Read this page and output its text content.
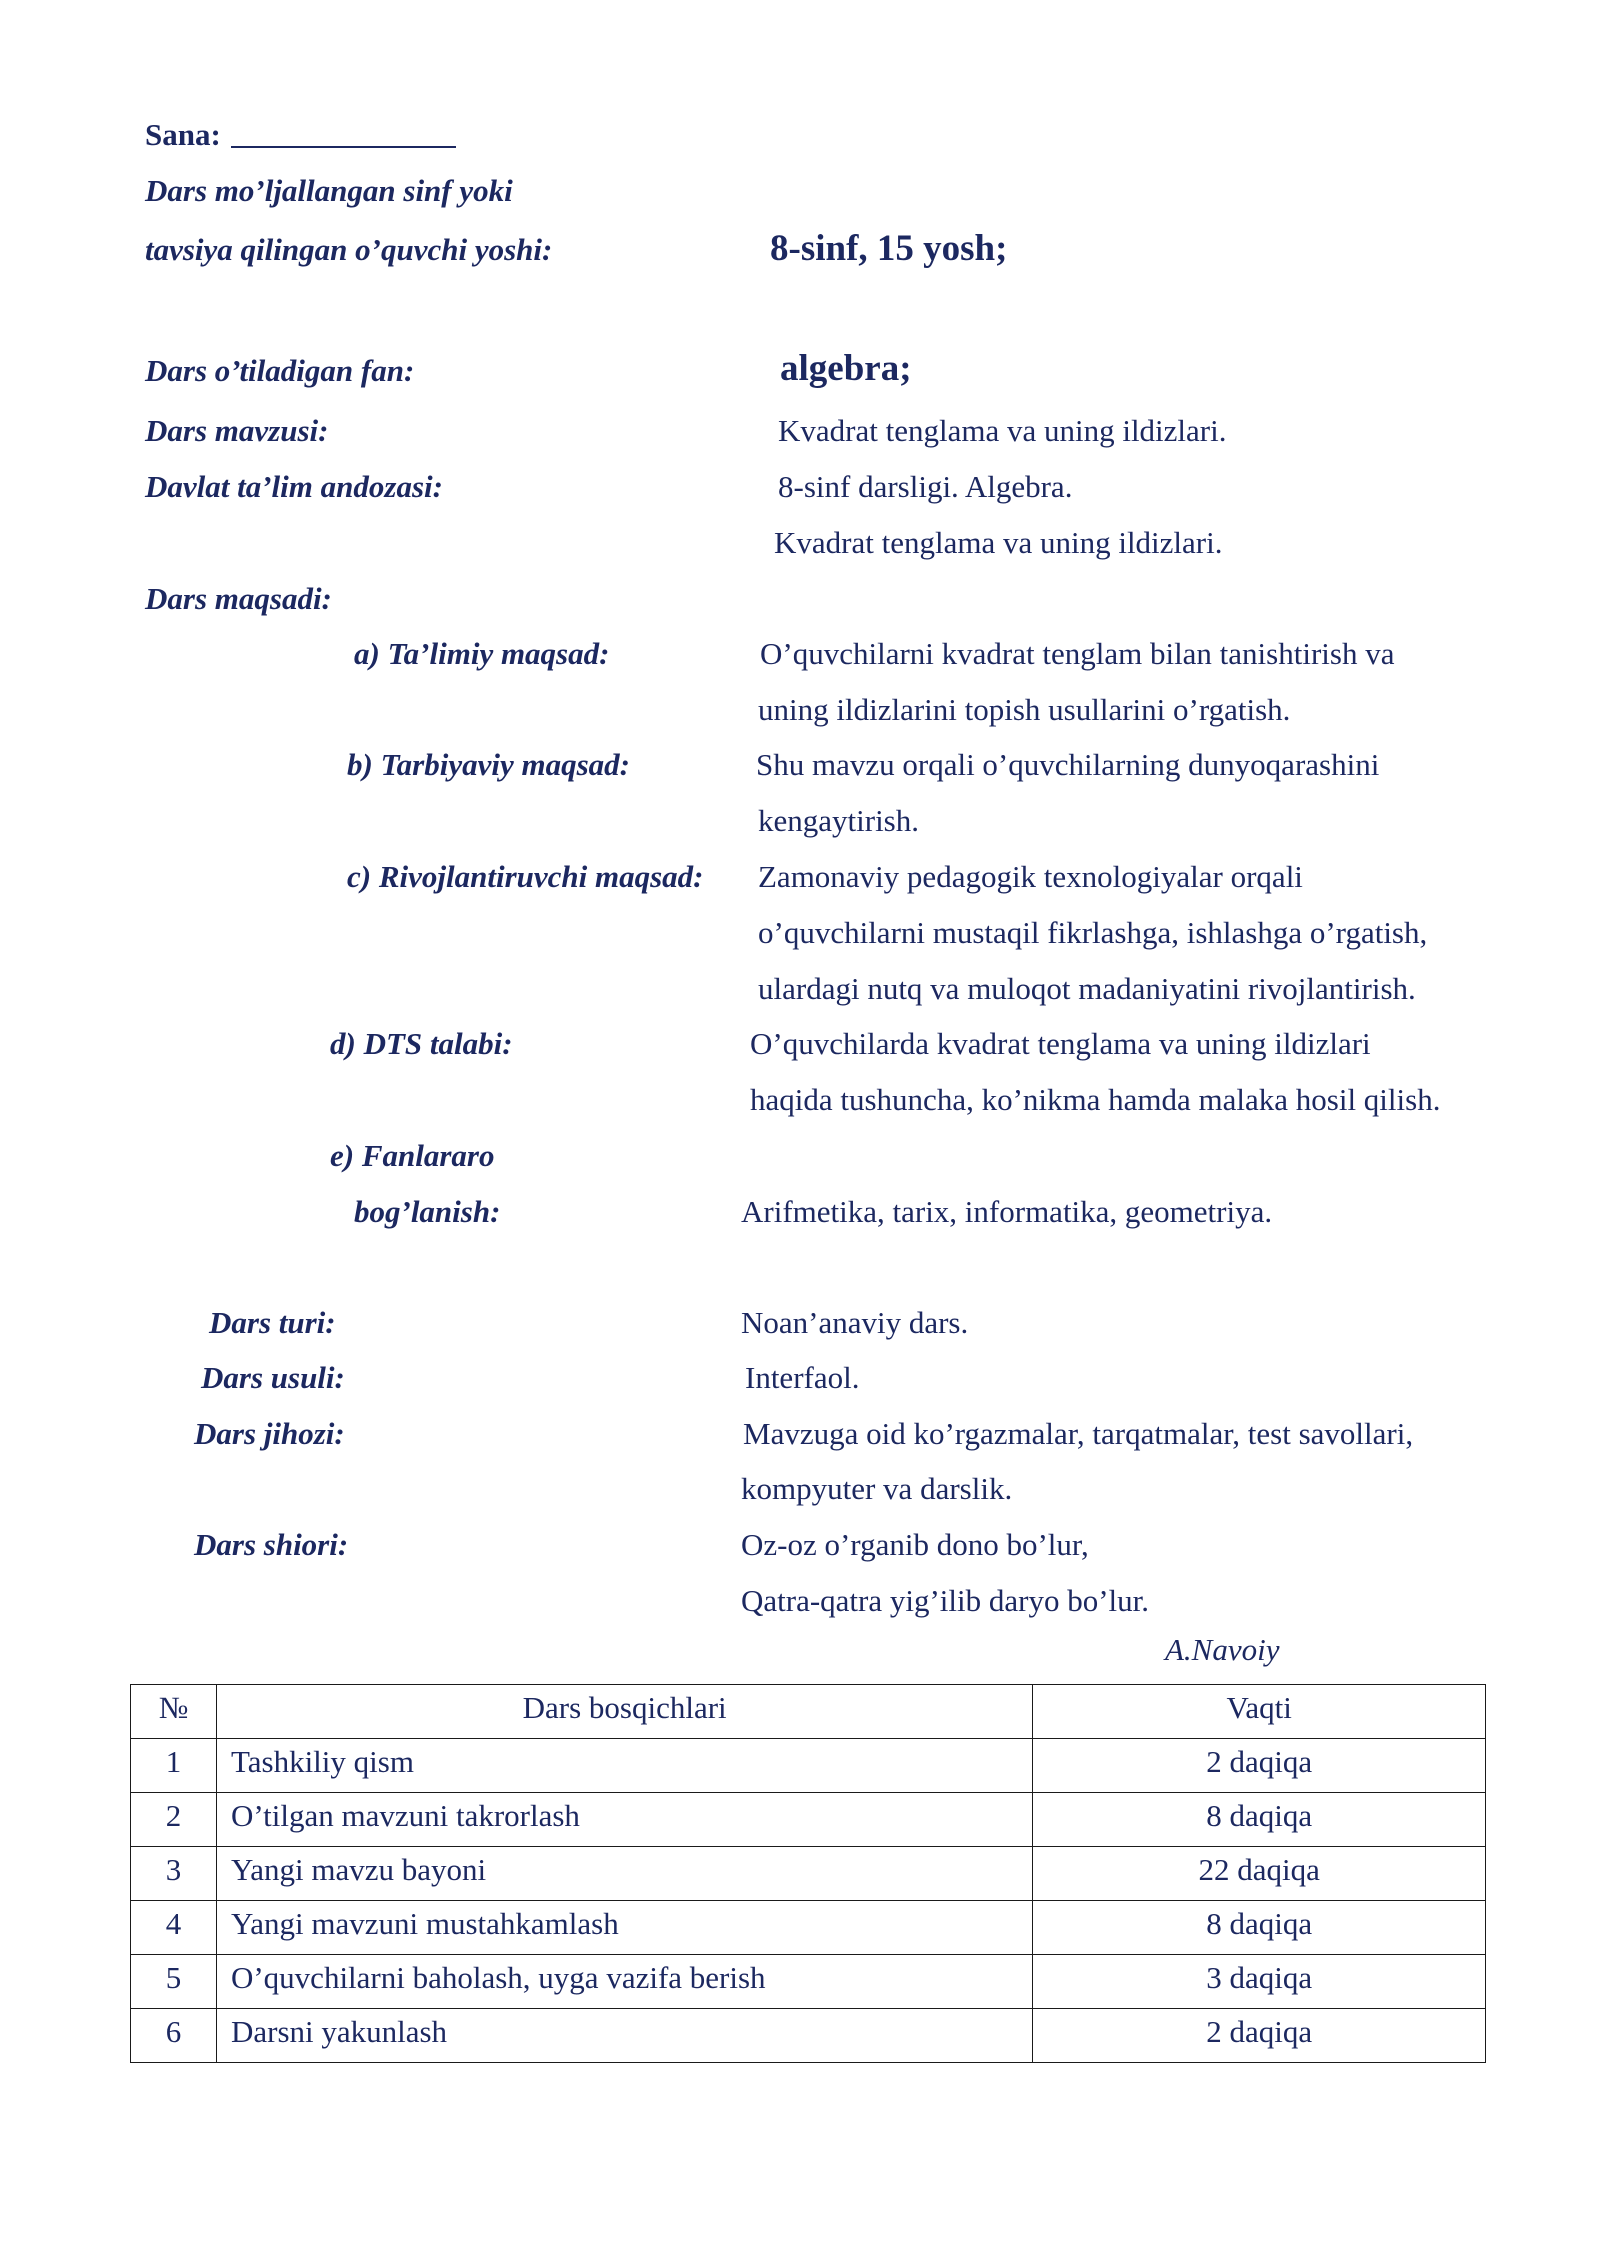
Sana:
Dars mo’ljallangan sinf yoki
tavsiya qilingan o’quvchi yoshi:	8-sinf, 15 yosh;
Dars o’tiladigan fan:	algebra;
Dars mavzusi:	Kvadrat tenglama va uning ildizlari.
Davlat ta’lim andozasi:	8-sinf darsligi. Algebra.
Kvadrat tenglama va uning ildizlari.
Dars maqsadi:
a) Ta’limiy maqsad:	O’quvchilarni kvadrat tenglam bilan tanishtirish va
uning ildizlarini topish usullarini o’rgatish.
b) Tarbiyaviy maqsad:	Shu mavzu orqali o’quvchilarning dunyoqarashini
kengaytirish.
c) Rivojlantiruvchi maqsad: Zamonaviy pedagogik texnologiyalar orqali
o’quvchilarni mustaqil fikrlashga, ishlashga o’rgatish,
ulardagi nutq va muloqot madaniyatini rivojlantirish.
d) DTS talabi:	O’quvchilarda kvadrat tenglama va uning ildizlari
haqida tushuncha, ko’nikma hamda malaka hosil qilish.
e) Fanlararo
bog’lanish:	Arifmetika, tarix, informatika, geometriya.
Dars turi:	Noan’anaviy dars.
Dars usuli:	Interfaol.
Dars jihozi:	Mavzuga oid ko’rgazmalar, tarqatmalar, test savollari,
kompyuter va darslik.
Dars shiori:	Oz-oz o’rganib dono bo’lur,
Qatra-qatra yig’ilib daryo bo’lur.
A.Navoiy
№	Dars bosqichlari	Vaqti
1	Tashkiliy qism	2 daqiqa
2	O’tilgan mavzuni takrorlash	8 daqiqa
3	Yangi mavzu bayoni	22 daqiqa
4	Yangi mavzuni mustahkamlash	8 daqiqa
5	O’quvchilarni baholash, uyga vazifa berish	3 daqiqa
6	Darsni yakunlash	2 daqiqa
